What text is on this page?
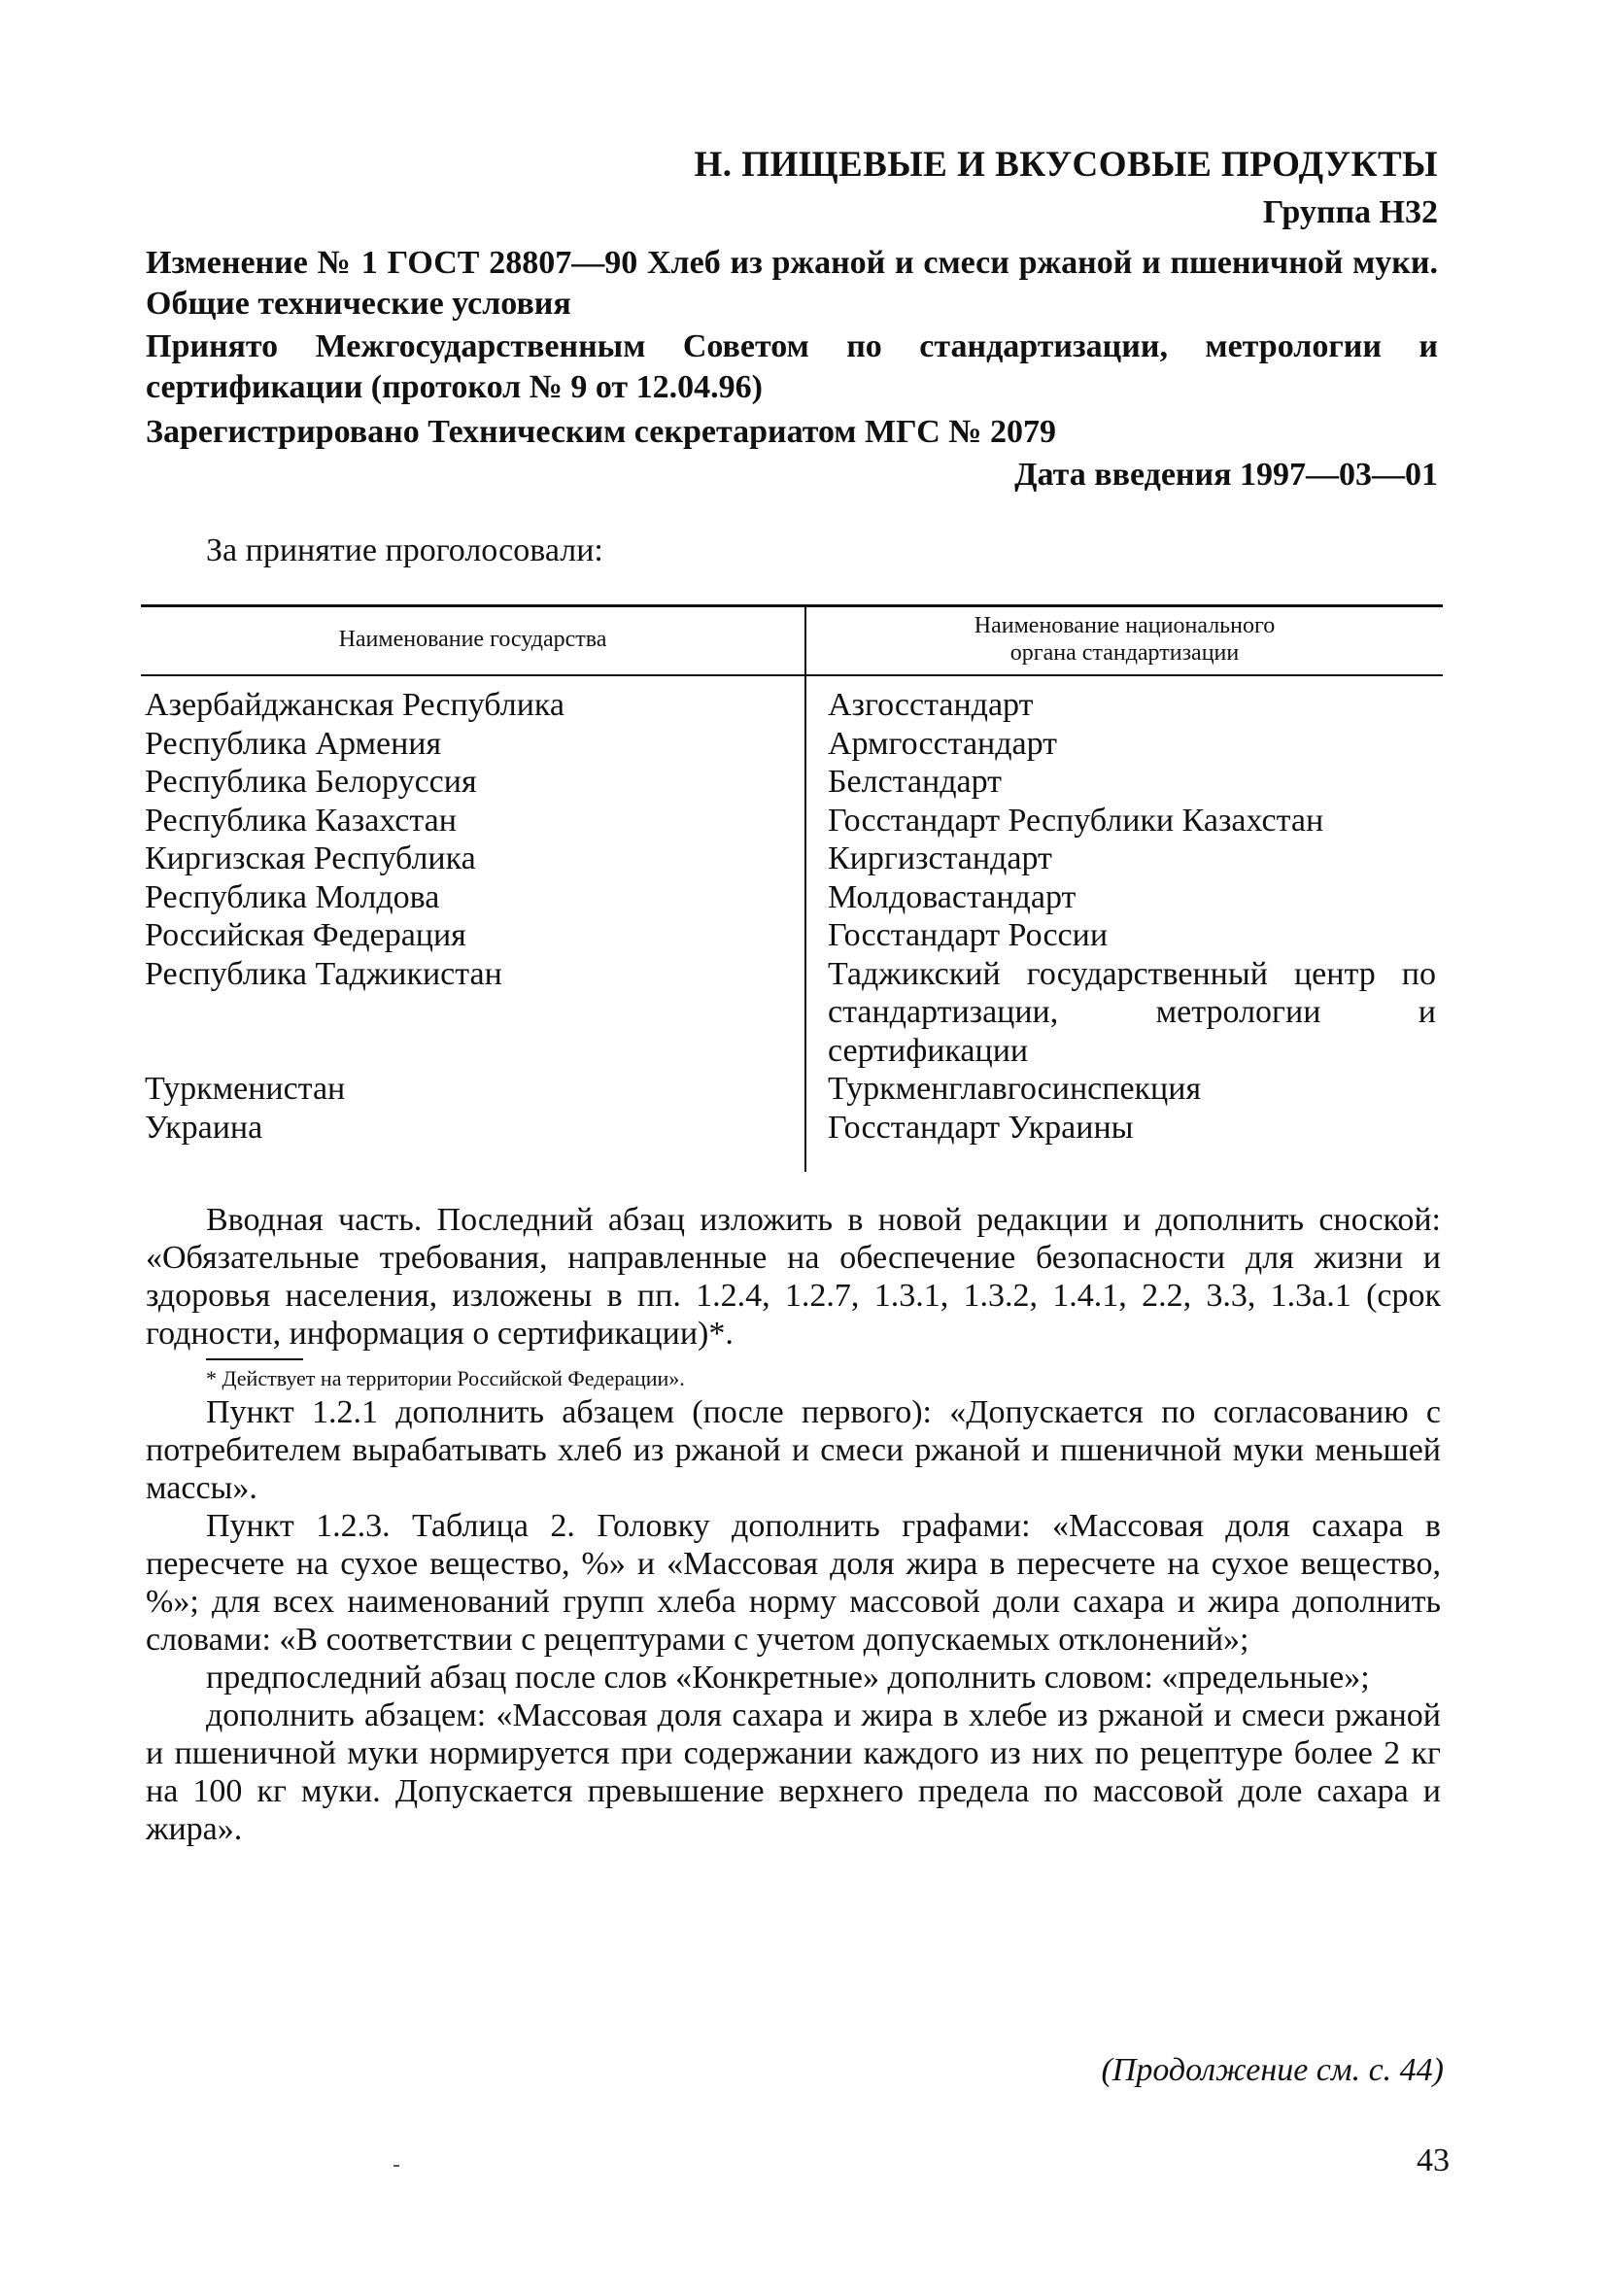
Н. ПИЩЕВЫЕ И ВКУСОВЫЕ ПРОДУКТЫ
Группа Н32
Изменение № 1 ГОСТ 28807—90 Хлеб из ржаной и смеси ржаной и пшеничной муки. Общие технические условия
Принято Межгосударственным Советом по стандартизации, метрологии и сертификации (протокол № 9 от 12.04.96)
Зарегистрировано Техническим секретариатом МГС № 2079
Дата введения 1997—03—01
За принятие проголосовали:
Наименование государства
Наименование национального органа стандартизации
Азербайджанская Республика
Республика Армения
Республика Белоруссия
Республика Казахстан
Киргизская Республика
Республика Молдова
Российская Федерация
Республика Таджикистан
Туркменистан
Украина
Азгосстандарт
Армгосстандарт
Белстандарт
Госстандарт Республики Казахстан
Киргизстандарт
Молдовастандарт
Госстандарт России
Таджикский государственный центр по стандартизации, метрологии и сертификации
Туркменглавгосинспекция
Госстандарт Украины

Вводная часть. Последний абзац изложить в новой редакции и дополнить сноской: «Обязательные требования, направленные на обеспечение безопасности для жизни и здоровья населения, изложены в пп. 1.2.4, 1.2.7, 1.3.1, 1.3.2, 1.4.1, 2.2, 3.3, 1.3а.1 (срок годности, информация о сертификации)*.

* Действует на территории Российской Федерации».

Пункт 1.2.1 дополнить абзацем (после первого): «Допускается по согласованию с потребителем вырабатывать хлеб из ржаной и смеси ржаной и пшеничной муки меньшей массы».

Пункт 1.2.3. Таблица 2. Головку дополнить графами: «Массовая доля сахара в пересчете на сухое вещество, %» и «Массовая доля жира в пересчете на сухое вещество, %»; для всех наименований групп хлеба норму массовой доли сахара и жира дополнить словами: «В соответствии с рецептурами с учетом допускаемых отклонений»;

предпоследний абзац после слов «Конкретные» дополнить словом: «предельные»;

дополнить абзацем: «Массовая доля сахара и жира в хлебе из ржаной и смеси ржаной и пшеничной муки нормируется при содержании каждого из них по рецептуре более 2 кг на 100 кг муки. Допускается превышение верхнего предела по массовой доле сахара и жира».

(Продолжение см. с. 44)
43
